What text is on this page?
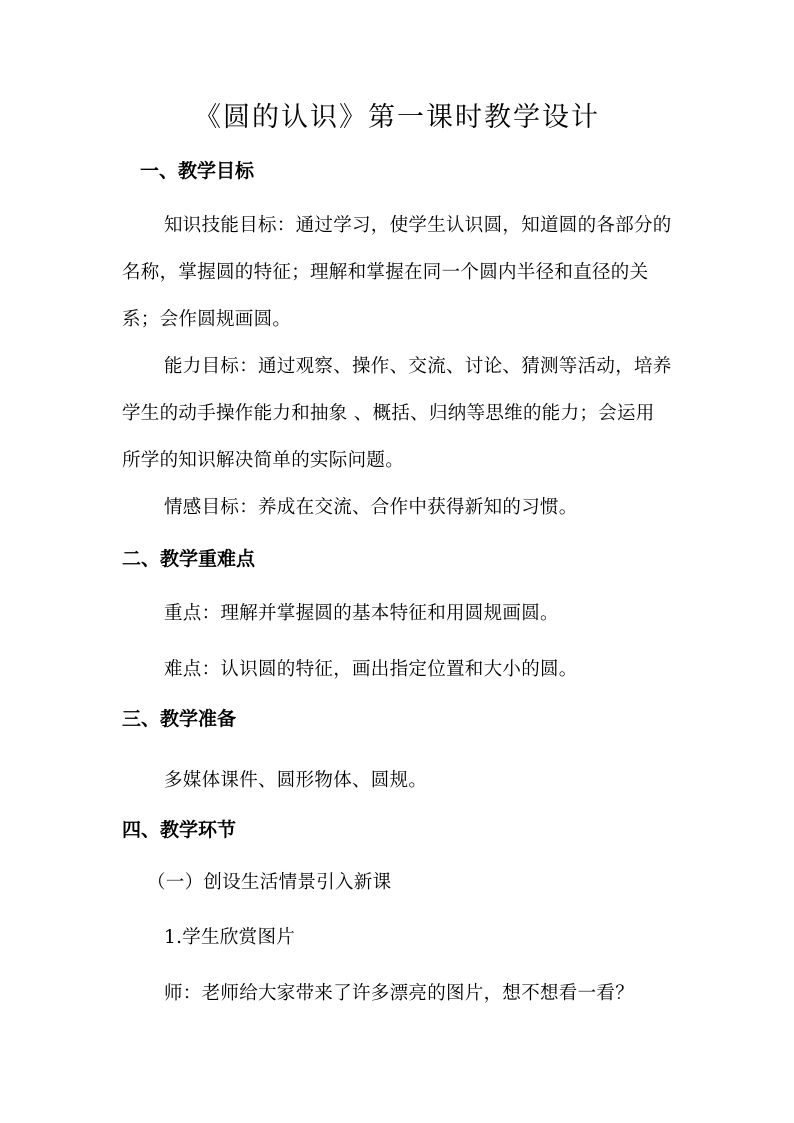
《圆的认识》第一课时教学设计
一、教学目标
知识技能目标：通过学习，使学生认识圆，知道圆的各部分的名称，掌握圆的特征；理解和掌握在同一个圆内半径和直径的关系；会作圆规画圆。
能力目标：通过观察、操作、交流、讨论、猜测等活动，培养学生的动手操作能力和抽象 、概括、归纳等思维的能力；会运用所学的知识解决简单的实际问题。
情感目标：养成在交流、合作中获得新知的习惯。
二、教学重难点
重点：理解并掌握圆的基本特征和用圆规画圆。
难点：认识圆的特征，画出指定位置和大小的圆。
三、教学准备
多媒体课件、圆形物体、圆规。
四、教学环节
（一）创设生活情景引入新课
1.学生欣赏图片
师：老师给大家带来了许多漂亮的图片，想不想看一看？
